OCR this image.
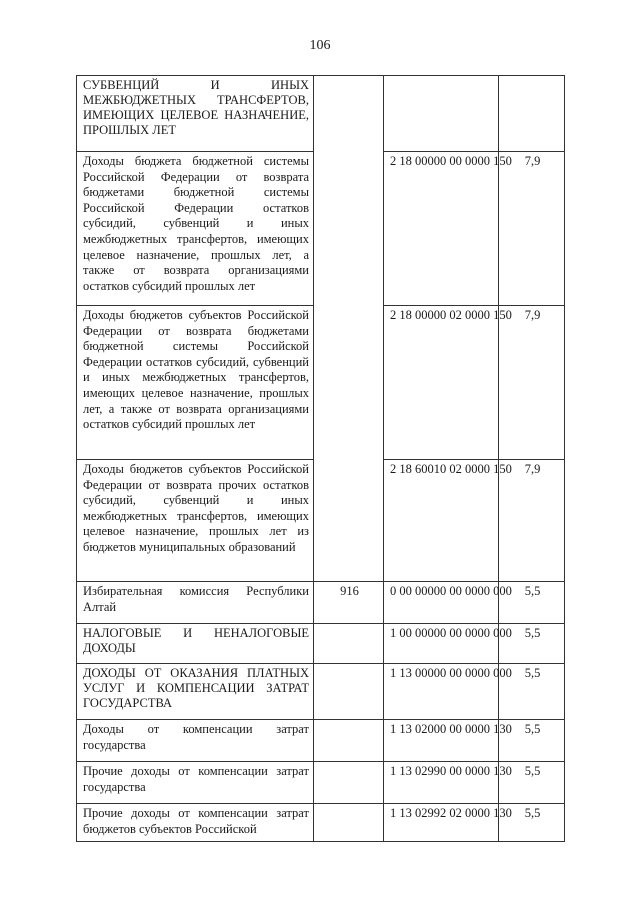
106
СУБВЕНЦИЙ И ИНЫХ МЕЖБЮДЖЕТНЫХ ТРАНСФЕРТОВ, ИМЕЮЩИХ ЦЕЛЕВОЕ НАЗНАЧЕНИЕ, ПРОШЛЫХ ЛЕТ			
Доходы бюджета бюджетной системы Российской Федерации от возврата бюджетами бюджетной системы Российской Федерации остатков субсидий, субвенций и иных межбюджетных трансфертов, имеющих целевое назначение, прошлых лет, а также от возврата организациями остатков субсидий прошлых лет		2 18 00000 00 0000 150	7,9
Доходы бюджетов субъектов Российской Федерации от возврата бюджетами бюджетной системы Российской Федерации остатков субсидий, субвенций и иных межбюджетных трансфертов, имеющих целевое назначение, прошлых лет, а также от возврата организациями остатков субсидий прошлых лет		2 18 00000 02 0000 150	7,9
Доходы бюджетов субъектов Российской Федерации от возврата прочих остатков субсидий, субвенций и иных межбюджетных трансфертов, имеющих целевое назначение, прошлых лет из бюджетов муниципальных образований		2 18 60010 02 0000 150	7,9
Избирательная комиссия Республики Алтай	916	0 00 00000 00 0000 000	5,5
НАЛОГОВЫЕ И НЕНАЛОГОВЫЕ ДОХОДЫ		1 00 00000 00 0000 000	5,5
ДОХОДЫ ОТ ОКАЗАНИЯ ПЛАТНЫХ УСЛУГ И КОМПЕНСАЦИИ ЗАТРАТ ГОСУДАРСТВА		1 13 00000 00 0000 000	5,5
Доходы от компенсации затрат государства		1 13 02000 00 0000 130	5,5
Прочие доходы от компенсации затрат государства		1 13 02990 00 0000 130	5,5
Прочие доходы от компенсации затрат бюджетов субъектов Российской		1 13 02992 02 0000 130	5,5
